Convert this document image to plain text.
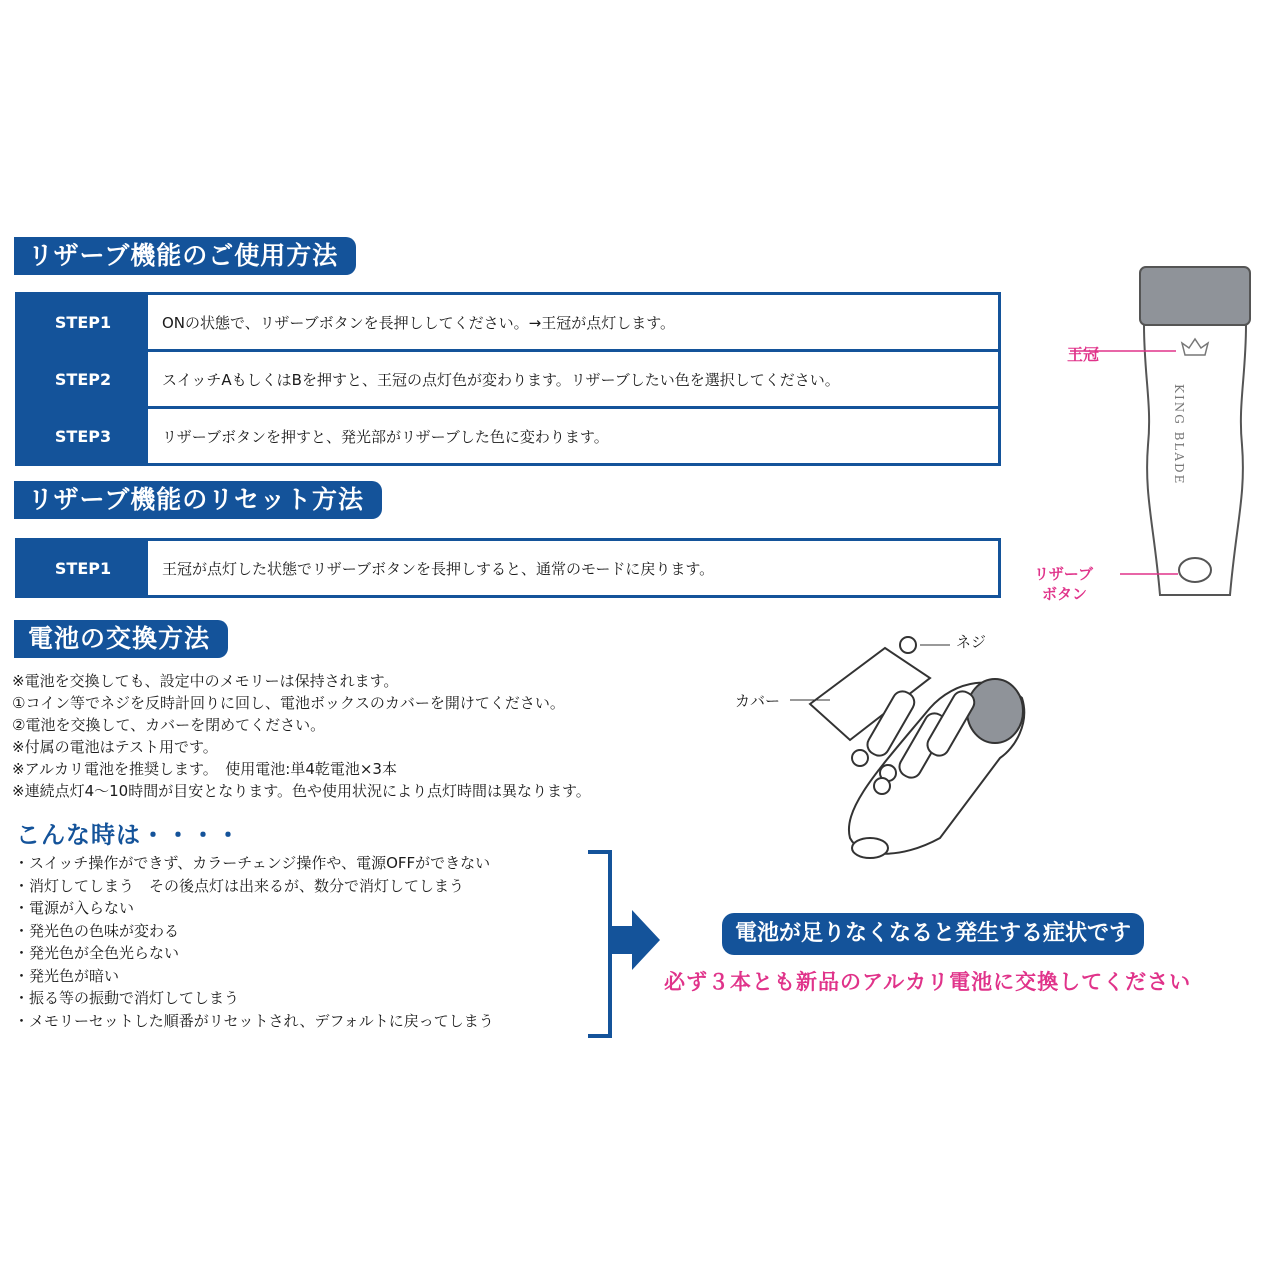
リザーブ機能のご使用方法
STEP1	ONの状態で、リザーブボタンを長押ししてください。→王冠が点灯します。
STEP2	スイッチAもしくはBを押すと、王冠の点灯色が変わります。リザーブしたい色を選択してください。
STEP3	リザーブボタンを押すと、発光部がリザーブした色に変わります。
リザーブ機能のリセット方法
STEP1	王冠が点灯した状態でリザーブボタンを長押しすると、通常のモードに戻ります。
電池の交換方法
※電池を交換しても、設定中のメモリーは保持されます。
①コイン等でネジを反時計回りに回し、電池ボックスのカバーを開けてください。
②電池を交換して、カバーを閉めてください。
※付属の電池はテスト用です。
※アルカリ電池を推奨します。　使用電池:単4乾電池×3本
※連続点灯4～10時間が目安となります。色や使用状況により点灯時間は異なります。
こんな時は・・・・
・スイッチ操作ができず、カラーチェンジ操作や、電源OFFができない
・消灯してしまう　その後点灯は出来るが、数分で消灯してしまう
・電源が入らない
・発光色の色味が変わる
・発光色が全色光らない
・発光色が暗い
・振る等の振動で消灯してしまう
・メモリーセットした順番がリセットされ、デフォルトに戻ってしまう
電池が足りなくなると発生する症状です
必ず３本とも新品のアルカリ電池に交換してください
王冠
KING BLADE
リザーブ
ボタン
ネジ
カバー
